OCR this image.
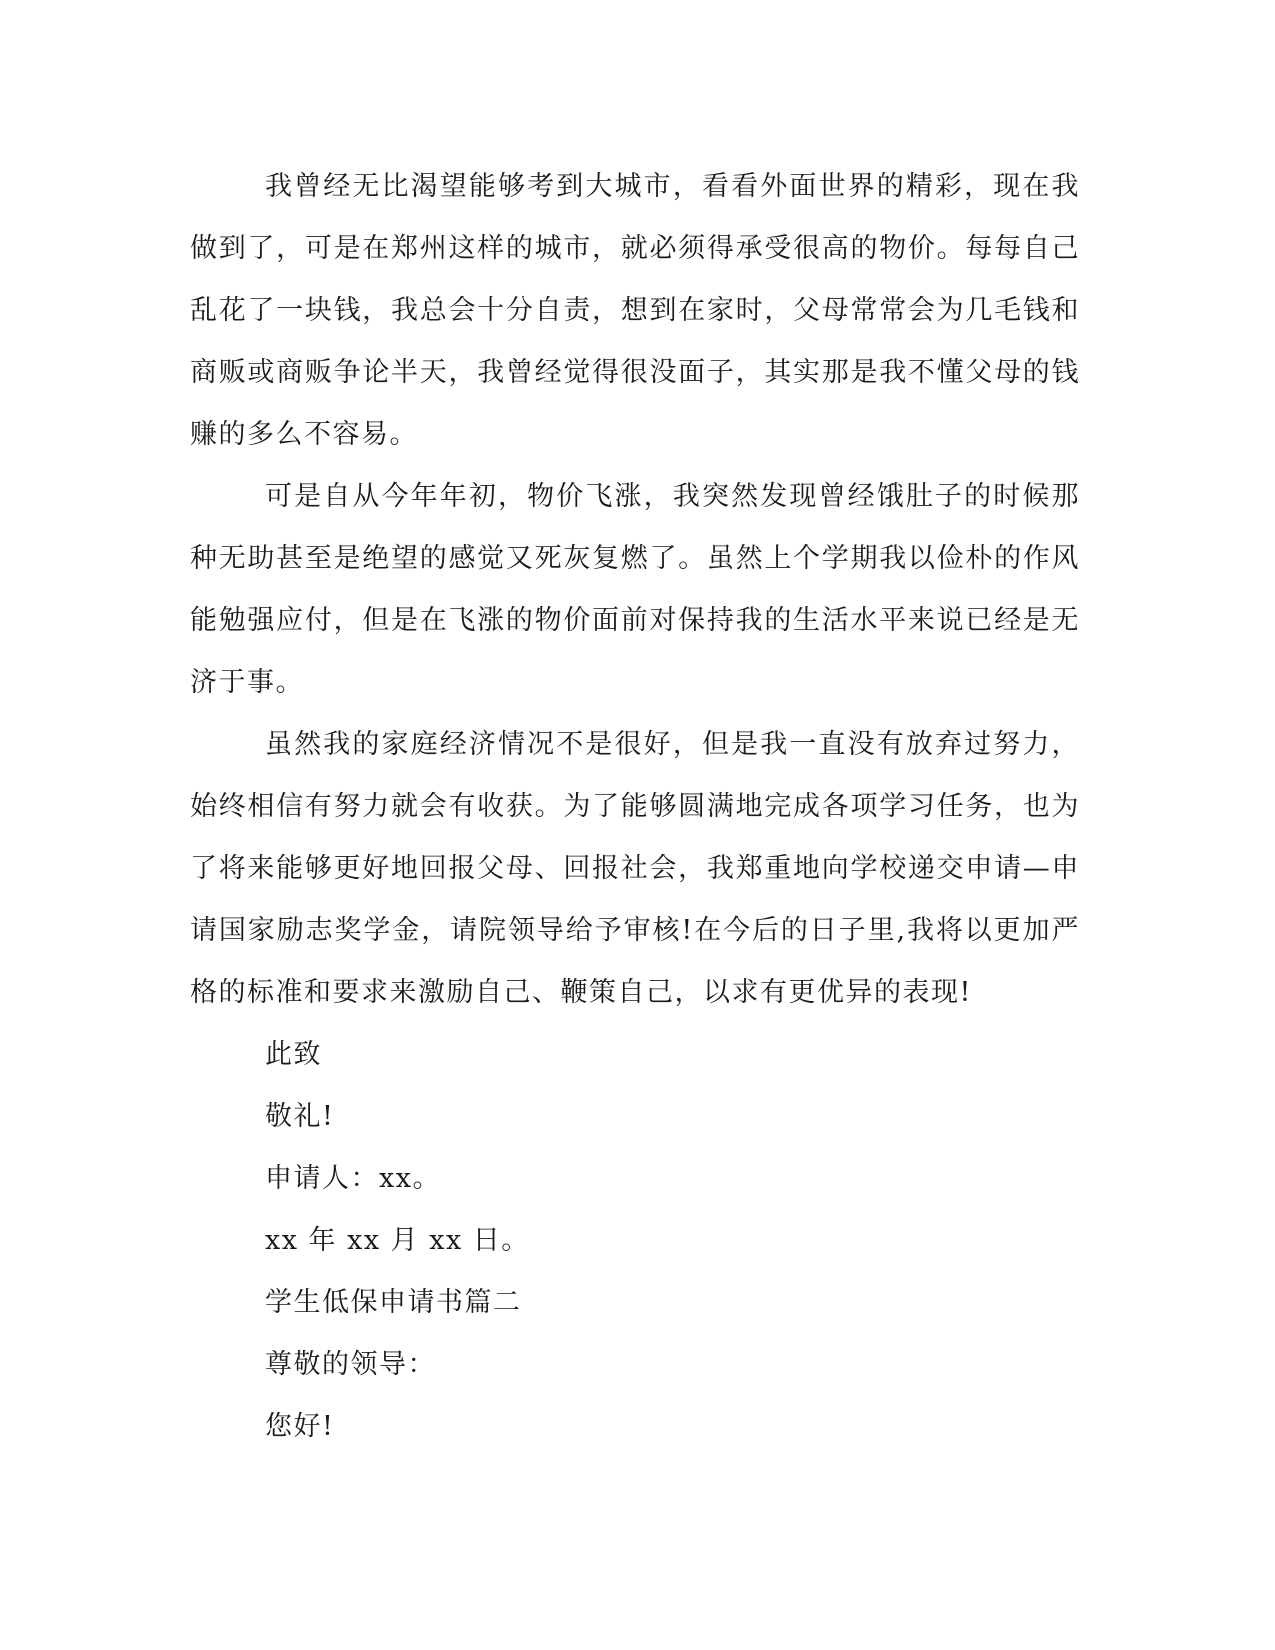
我曾经无比渴望能够考到大城市，看看外面世界的精彩，现在我做到了，可是在郑州这样的城市，就必须得承受很高的物价。每每自己乱花了一块钱，我总会十分自责，想到在家时，父母常常会为几毛钱和商贩或商贩争论半天，我曾经觉得很没面子，其实那是我不懂父母的钱赚的多么不容易。

可是自从今年年初，物价飞涨，我突然发现曾经饿肚子的时候那种无助甚至是绝望的感觉又死灰复燃了。虽然上个学期我以俭朴的作风能勉强应付，但是在飞涨的物价面前对保持我的生活水平来说已经是无济于事。

虽然我的家庭经济情况不是很好，但是我一直没有放弃过努力，始终相信有努力就会有收获。为了能够圆满地完成各项学习任务，也为了将来能够更好地回报父母、回报社会，我郑重地向学校递交申请—申请国家励志奖学金，请院领导给予审核!在今后的日子里,我将以更加严格的标准和要求来激励自己、鞭策自己，以求有更优异的表现!

此致

敬礼!

申请人：xx。

xx 年 xx 月 xx 日。

学生低保申请书篇二

尊敬的领导：

您好!
